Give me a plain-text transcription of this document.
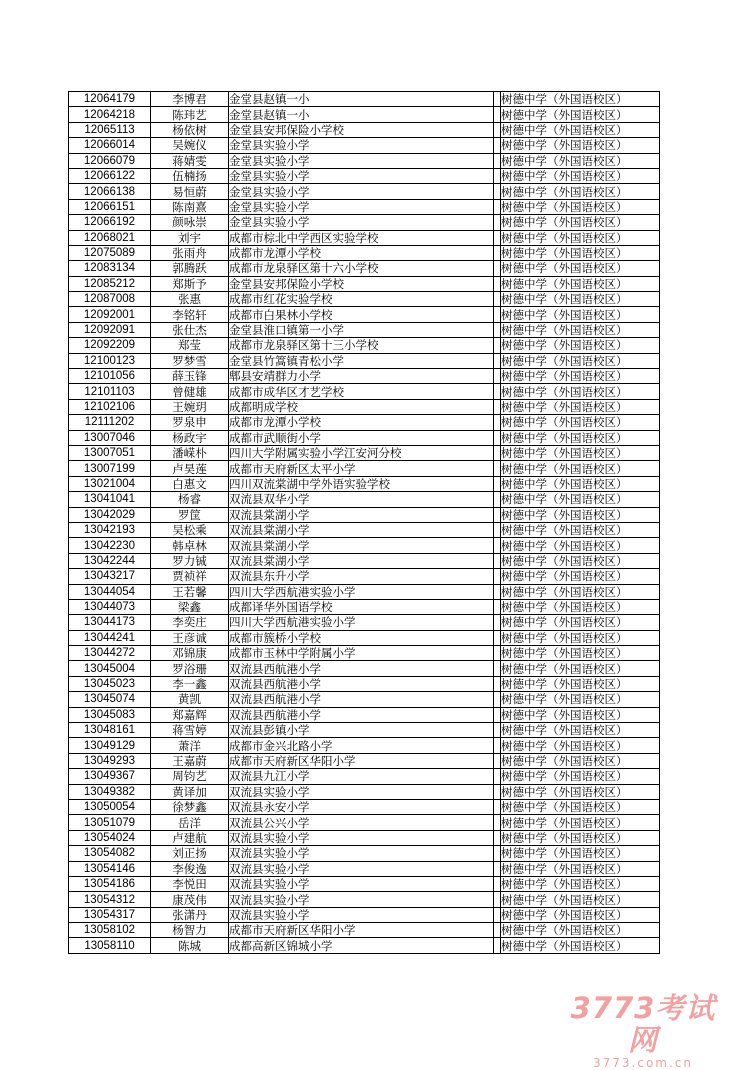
12064179	李博君	金堂县赵镇一小		树德中学（外国语校区）
12064218	陈玮艺	金堂县赵镇一小		树德中学（外国语校区）
12065113	杨依树	金堂县安邦保险小学校		树德中学（外国语校区）
12066014	吴婉仪	金堂县实验小学		树德中学（外国语校区）
12066079	蒋婧雯	金堂县实验小学		树德中学（外国语校区）
12066122	伍楠扬	金堂县实验小学		树德中学（外国语校区）
12066138	易恒蔚	金堂县实验小学		树德中学（外国语校区）
12066151	陈南熹	金堂县实验小学		树德中学（外国语校区）
12066192	颜咏崇	金堂县实验小学		树德中学（外国语校区）
12068021	刘宇	成都市棕北中学西区实验学校		树德中学（外国语校区）
12075089	张雨舟	成都市龙潭小学校		树德中学（外国语校区）
12083134	郭腾跃	成都市龙泉驿区第十六小学校		树德中学（外国语校区）
12085212	郑斯予	金堂县安邦保险小学校		树德中学（外国语校区）
12087008	张惠	成都市红花实验学校		树德中学（外国语校区）
12092001	李铭轩	成都市白果林小学校		树德中学（外国语校区）
12092091	张仕杰	金堂县淮口镇第一小学		树德中学（外国语校区）
12092209	郑莹	成都市龙泉驿区第十三小学校		树德中学（外国语校区）
12100123	罗梦雪	金堂县竹篙镇青松小学		树德中学（外国语校区）
12101056	薛玉锋	郫县安靖群力小学		树德中学（外国语校区）
12101103	曾健雄	成都市成华区才艺学校		树德中学（外国语校区）
12102106	王婉玥	成都明成学校		树德中学（外国语校区）
12111202	罗泉申	成都市龙潭小学校		树德中学（外国语校区）
13007046	杨政宇	成都市武顺街小学		树德中学（外国语校区）
13007051	潘嵘朴	四川大学附属实验小学江安河分校		树德中学（外国语校区）
13007199	卢昊莲	成都市天府新区太平小学		树德中学（外国语校区）
13021004	白惠文	四川双流棠湖中学外语实验学校		树德中学（外国语校区）
13041041	杨睿	双流县双华小学		树德中学（外国语校区）
13042029	罗筐	双流县棠湖小学		树德中学（外国语校区）
13042193	吴松乘	双流县棠湖小学		树德中学（外国语校区）
13042230	韩卓林	双流县棠湖小学		树德中学（外国语校区）
13042244	罗力铖	双流县棠湖小学		树德中学（外国语校区）
13043217	贾祯祥	双流县东升小学		树德中学（外国语校区）
13044054	王若馨	四川大学西航港实验小学		树德中学（外国语校区）
13044073	梁鑫	成都译华外国语学校		树德中学（外国语校区）
13044173	李奕庄	四川大学西航港实验小学		树德中学（外国语校区）
13044241	王彦诚	成都市簇桥小学校		树德中学（外国语校区）
13044272	邓锦康	成都市玉林中学附属小学		树德中学（外国语校区）
13045004	罗浴珊	双流县西航港小学		树德中学（外国语校区）
13045023	李一鑫	双流县西航港小学		树德中学（外国语校区）
13045074	黄凯	双流县西航港小学		树德中学（外国语校区）
13045083	郑嘉辉	双流县西航港小学		树德中学（外国语校区）
13048161	蒋雪婷	双流县彭镇小学		树德中学（外国语校区）
13049129	萧洋	成都市金兴北路小学		树德中学（外国语校区）
13049293	王嘉蔚	成都市天府新区华阳小学		树德中学（外国语校区）
13049367	周钧艺	双流县九江小学		树德中学（外国语校区）
13049382	黄译加	双流县实验小学		树德中学（外国语校区）
13050054	徐梦鑫	双流县永安小学		树德中学（外国语校区）
13051079	岳洋	双流县公兴小学		树德中学（外国语校区）
13054024	卢建航	双流县实验小学		树德中学（外国语校区）
13054082	刘正扬	双流县实验小学		树德中学（外国语校区）
13054146	李俊逸	双流县实验小学		树德中学（外国语校区）
13054186	李悦田	双流县实验小学		树德中学（外国语校区）
13054312	康茂伟	双流县实验小学		树德中学（外国语校区）
13054317	张潇丹	双流县实验小学		树德中学（外国语校区）
13058102	杨智力	成都市天府新区华阳小学		树德中学（外国语校区）
13058110	陈城	成都高新区锦城小学		树德中学（外国语校区）
3773考试网
3773.com.cn
